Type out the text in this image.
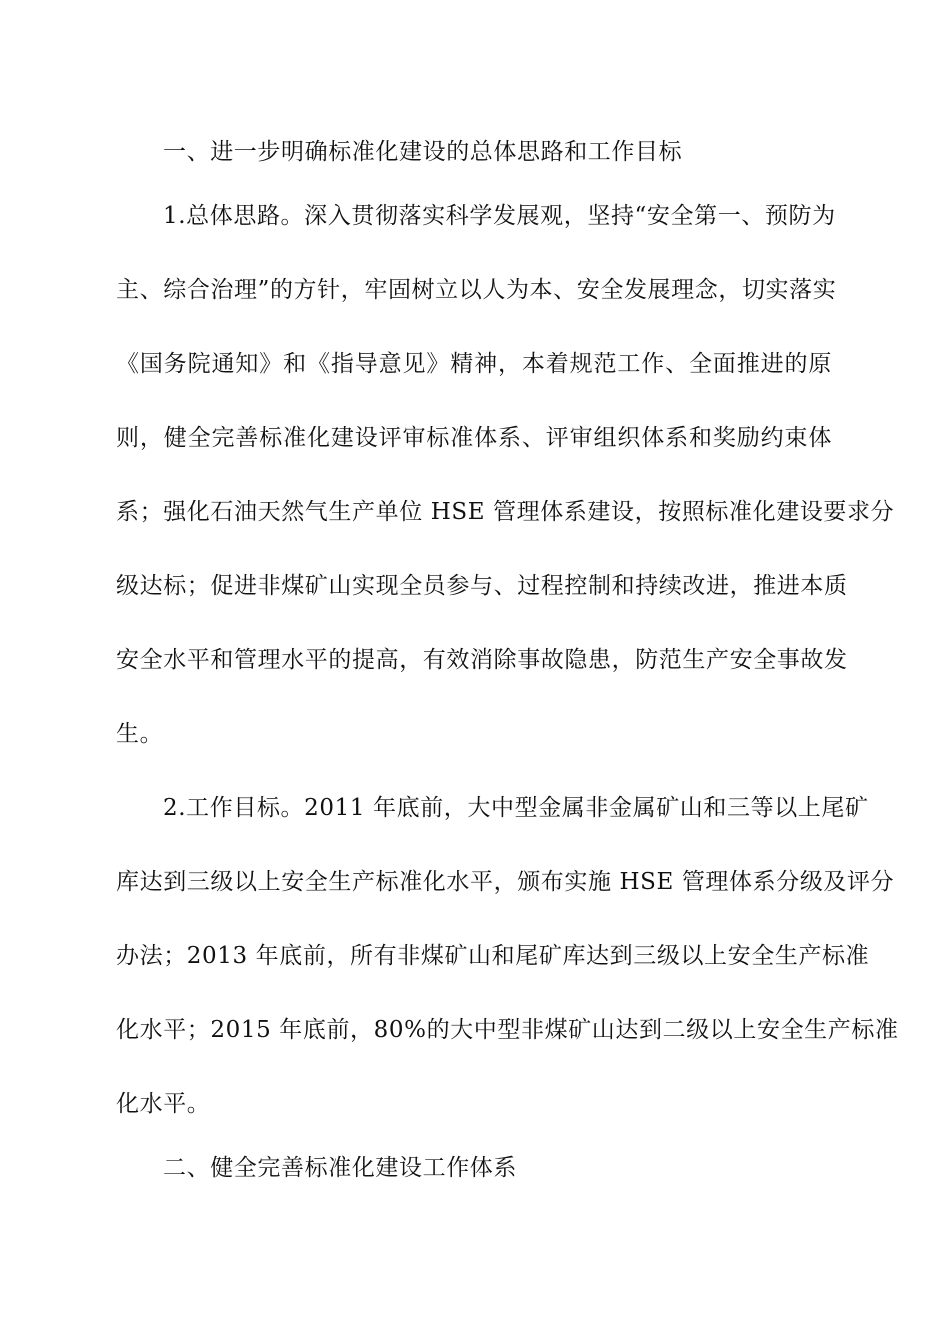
一、进一步明确标准化建设的总体思路和工作目标
1.总体思路。深入贯彻落实科学发展观，坚持“安全第一、预防为
主、综合治理”的方针，牢固树立以人为本、安全发展理念，切实落实
《国务院通知》和《指导意见》精神，本着规范工作、全面推进的原
则，健全完善标准化建设评审标准体系、评审组织体系和奖励约束体
系；强化石油天然气生产单位 HSE 管理体系建设，按照标准化建设要求分
级达标；促进非煤矿山实现全员参与、过程控制和持续改进，推进本质
安全水平和管理水平的提高，有效消除事故隐患，防范生产安全事故发
生。
2.工作目标。2011 年底前，大中型金属非金属矿山和三等以上尾矿
库达到三级以上安全生产标准化水平，颁布实施 HSE 管理体系分级及评分
办法；2013 年底前，所有非煤矿山和尾矿库达到三级以上安全生产标准
化水平；2015 年底前，80%的大中型非煤矿山达到二级以上安全生产标准
化水平。
二、健全完善标准化建设工作体系
